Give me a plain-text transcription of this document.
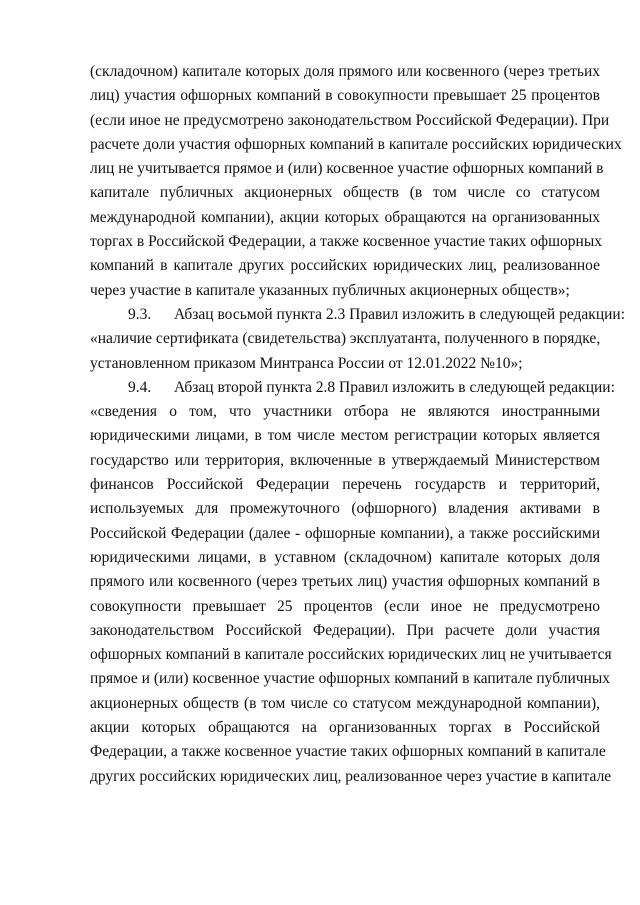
(складочном) капитале которых доля прямого или косвенного (через третьих
лиц) участия офшорных компаний в совокупности превышает 25 процентов
(если иное не предусмотрено законодательством Российской Федерации). При
расчете доли участия офшорных компаний в капитале российских юридических
лиц не учитывается прямое и (или) косвенное участие офшорных компаний в
капитале публичных акционерных обществ (в том числе со статусом
международной компании), акции которых обращаются на организованных
торгах в Российской Федерации, а также косвенное участие таких офшорных
компаний в капитале других российских юридических лиц, реализованное
через участие в капитале указанных публичных акционерных обществ»;
9.3. Абзац восьмой пункта 2.3 Правил изложить в следующей редакции:
«наличие сертификата (свидетельства) эксплуатанта, полученного в порядке,
установленном приказом Минтранса России от 12.01.2022 №10»;
9.4. Абзац второй пункта 2.8 Правил изложить в следующей редакции:
«сведения о том, что участники отбора не являются иностранными
юридическими лицами, в том числе местом регистрации которых является
государство или территория, включенные в утверждаемый Министерством
финансов Российской Федерации перечень государств и территорий,
используемых для промежуточного (офшорного) владения активами в
Российской Федерации (далее - офшорные компании), а также российскими
юридическими лицами, в уставном (складочном) капитале которых доля
прямого или косвенного (через третьих лиц) участия офшорных компаний в
совокупности превышает 25 процентов (если иное не предусмотрено
законодательством Российской Федерации). При расчете доли участия
офшорных компаний в капитале российских юридических лиц не учитывается
прямое и (или) косвенное участие офшорных компаний в капитале публичных
акционерных обществ (в том числе со статусом международной компании),
акции которых обращаются на организованных торгах в Российской
Федерации, а также косвенное участие таких офшорных компаний в капитале
других российских юридических лиц, реализованное через участие в капитале
